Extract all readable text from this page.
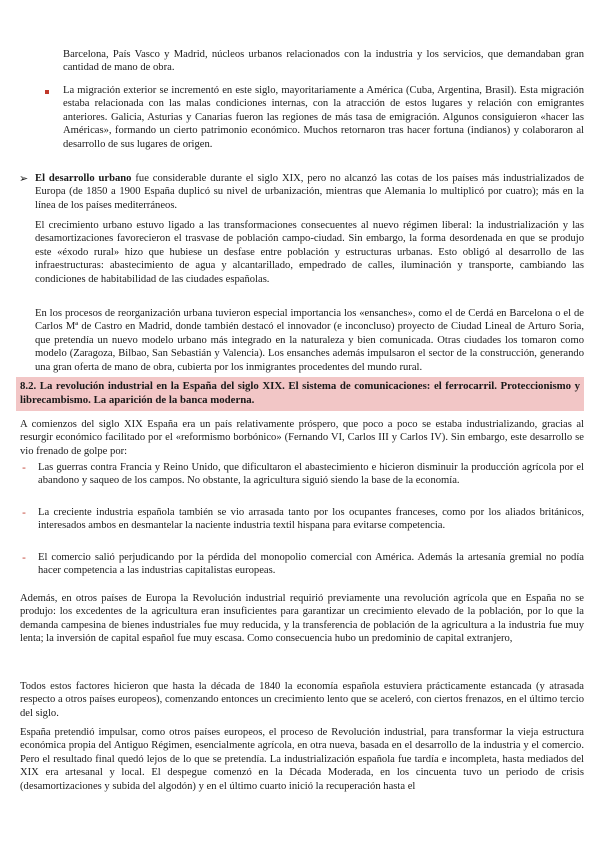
Barcelona, País Vasco y Madrid, núcleos urbanos relacionados con la industria y los servicios, que demandaban gran cantidad de mano de obra.

La migración exterior se incrementó en este siglo, mayoritariamente a América (Cuba, Argentina, Brasil). Esta migración estaba relacionada con las malas condiciones internas, con la atracción de estos lugares y relación con emigrantes anteriores. Galicia, Asturias y Canarias fueron las regiones de más tasa de emigración. Algunos consiguieron «hacer las Américas», formando un cierto patrimonio económico. Muchos retornaron tras hacer fortuna (indianos) y colaboraron al desarrollo de sus lugares de origen.

➢ El desarrollo urbano fue considerable durante el siglo XIX, pero no alcanzó las cotas de los países más industrializados de Europa (de 1850 a 1900 España duplicó su nivel de urbanización, mientras que Alemania lo multiplicó por cuatro); más en la línea de los países mediterráneos.

El crecimiento urbano estuvo ligado a las transformaciones consecuentes al nuevo régimen liberal: la industrialización y las desamortizaciones favorecieron el trasvase de población campo-ciudad. Sin embargo, la forma desordenada en que se produjo este «éxodo rural» hizo que hubiese un desfase entre población y estructuras urbanas. Esto obligó al desarrollo de las infraestructuras: abastecimiento de agua y alcantarillado, empedrado de calles, iluminación y transporte, cambiando las condiciones de habitabilidad de las ciudades españolas.

En los procesos de reorganización urbana tuvieron especial importancia los «ensanches», como el de Cerdá en Barcelona o el de Carlos Mª de Castro en Madrid, donde también destacó el innovador (e inconcluso) proyecto de Ciudad Lineal de Arturo Soria, que pretendía un nuevo modelo urbano más integrado en la naturaleza y bien comunicada. Otras ciudades los tomaron como modelo (Zaragoza, Bilbao, San Sebastián y Valencia). Los ensanches además impulsaron el sector de la construcción, generando una gran oferta de mano de obra, cubierta por los inmigrantes procedentes del mundo rural.

8.2. La revolución industrial en la España del siglo XIX. El sistema de comunicaciones: el ferrocarril. Proteccionismo y librecambismo. La aparición de la banca moderna.

A comienzos del siglo XIX España era un país relativamente próspero, que poco a poco se estaba industrializando, gracias al resurgir económico facilitado por el «reformismo borbónico» (Fernando VI, Carlos III y Carlos IV). Sin embargo, este desarrollo se vio frenado de golpe por:

- Las guerras contra Francia y Reino Unido, que dificultaron el abastecimiento e hicieron disminuir la producción agrícola por el abandono y saqueo de los campos. No obstante, la agricultura siguió siendo la base de la economía.

- La creciente industria española también se vio arrasada tanto por los ocupantes franceses, como por los aliados británicos, interesados ambos en desmantelar la naciente industria textil hispana para evitarse competencia.

- El comercio salió perjudicando por la pérdida del monopolio comercial con América. Además la artesanía gremial no podía hacer competencia a las industrias capitalistas europeas.

Además, en otros países de Europa la Revolución industrial requirió previamente una revolución agrícola que en España no se produjo: los excedentes de la agricultura eran insuficientes para garantizar un crecimiento elevado de la población, por lo que la demanda campesina de bienes industriales fue muy reducida, y la transferencia de población de la agricultura a la industria fue muy lenta; la inversión de capital español fue muy escasa. Como consecuencia hubo un predominio de capital extranjero,

Todos estos factores hicieron que hasta la década de 1840 la economía española estuviera prácticamente estancada (y atrasada respecto a otros países europeos), comenzando entonces un crecimiento lento que se aceleró, con ciertos frenazos, en el último tercio del siglo.

España pretendió impulsar, como otros países europeos, el proceso de Revolución industrial, para transformar la vieja estructura económica propia del Antiguo Régimen, esencialmente agrícola, en otra nueva, basada en el desarrollo de la industria y el comercio. Pero el resultado final quedó lejos de lo que se pretendía. La industrialización española fue tardía e incompleta, hasta mediados del XIX era artesanal y local. El despegue comenzó en la Década Moderada, en los cincuenta tuvo un periodo de crisis (desamortizaciones y subida del algodón) y en el último cuarto inició la recuperación hasta el
